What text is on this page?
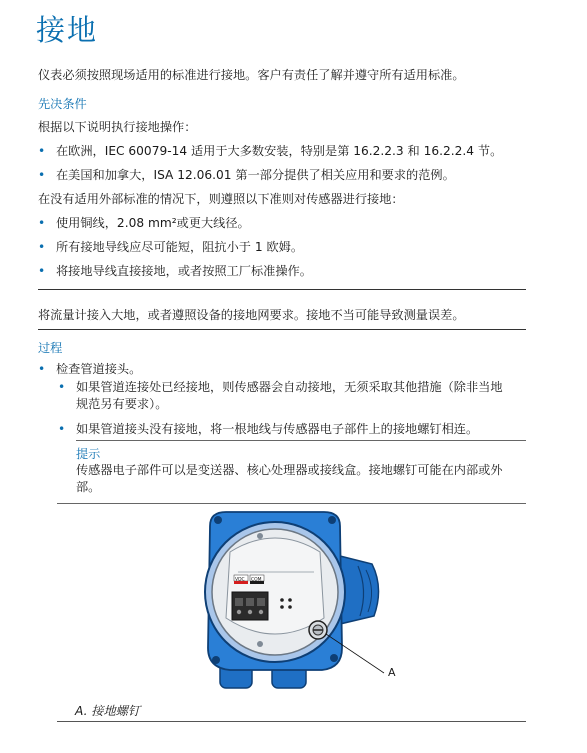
接地
仪表必须按照现场适用的标准进行接地。客户有责任了解并遵守所有适用标准。
先决条件
根据以下说明执行接地操作：
• 在欧洲，IEC 60079-14 适用于大多数安装，特别是第 16.2.2.3 和 16.2.2.4 节。
• 在美国和加拿大，ISA 12.06.01 第一部分提供了相关应用和要求的范例。
在没有适用外部标准的情况下，则遵照以下准则对传感器进行接地：
• 使用铜线，2.08 mm²或更大线径。
• 所有接地导线应尽可能短，阻抗小于 1 欧姆。
• 将接地导线直接接地，或者按照工厂标准操作。
将流量计接入大地，或者遵照设备的接地网要求。接地不当可能导致测量误差。
过程
• 检查管道接头。
• 如果管道连接处已经接地，则传感器会自动接地，无须采取其他措施（除非当地
规范另有要求）。
• 如果管道接头没有接地，将一根地线与传感器电子部件上的接地螺钉相连。
提示
传感器电子部件可以是变送器、核心处理器或接线盒。接地螺钉可能在内部或外
部。
VDC COM
A
A. 接地螺钉
